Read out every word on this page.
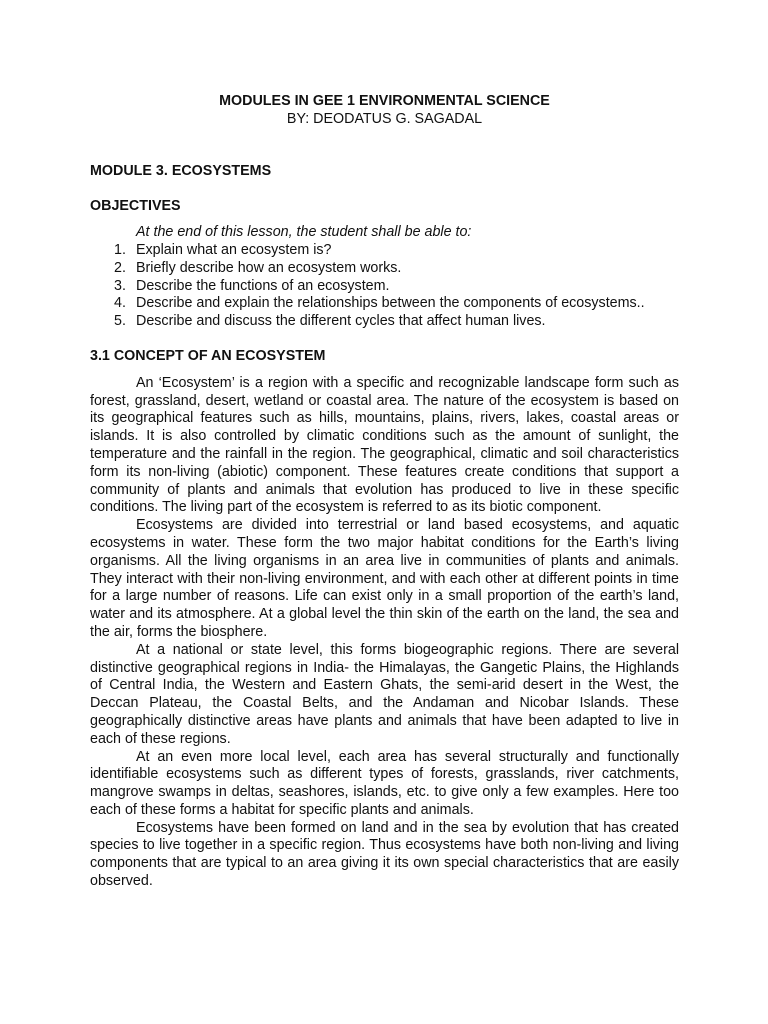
MODULES IN GEE 1 ENVIRONMENTAL SCIENCE
BY: DEODATUS G. SAGADAL
MODULE 3. ECOSYSTEMS
OBJECTIVES
At the end of this lesson, the student shall be able to:
1. Explain what an ecosystem is?
2. Briefly describe how an ecosystem works.
3. Describe the functions of an ecosystem.
4. Describe and explain the relationships between the components of ecosystems..
5. Describe and discuss the different cycles that affect human lives.
3.1 CONCEPT OF AN ECOSYSTEM

An ‘Ecosystem’ is a region with a specific and recognizable landscape form such as forest, grassland, desert, wetland or coastal area. The nature of the ecosystem is based on its geographical features such as hills, mountains, plains, rivers, lakes, coastal areas or islands. It is also controlled by climatic conditions such as the amount of sunlight, the temperature and the rainfall in the region. The geographical, climatic and soil characteristics form its non-living (abiotic) component. These features create conditions that support a community of plants and animals that evolution has produced to live in these specific conditions. The living part of the ecosystem is referred to as its biotic component.

Ecosystems are divided into terrestrial or land based ecosystems, and aquatic ecosystems in water. These form the two major habitat conditions for the Earth’s living organisms. All the living organisms in an area live in communities of plants and animals. They interact with their non-living environment, and with each other at different points in time for a large number of reasons. Life can exist only in a small proportion of the earth’s land, water and its atmosphere. At a global level the thin skin of the earth on the land, the sea and the air, forms the biosphere.

At a national or state level, this forms biogeographic regions. There are several distinctive geographical regions in India- the Himalayas, the Gangetic Plains, the Highlands of Central India, the Western and Eastern Ghats, the semi-arid desert in the West, the Deccan Plateau, the Coastal Belts, and the Andaman and Nicobar Islands. These geographically distinctive areas have plants and animals that have been adapted to live in each of these regions.

At an even more local level, each area has several structurally and functionally identifiable ecosystems such as different types of forests, grasslands, river catchments, mangrove swamps in deltas, seashores, islands, etc. to give only a few examples. Here too each of these forms a habitat for specific plants and animals.

Ecosystems have been formed on land and in the sea by evolution that has created species to live together in a specific region. Thus ecosystems have both non-living and living components that are typical to an area giving it its own special characteristics that are easily observed.
